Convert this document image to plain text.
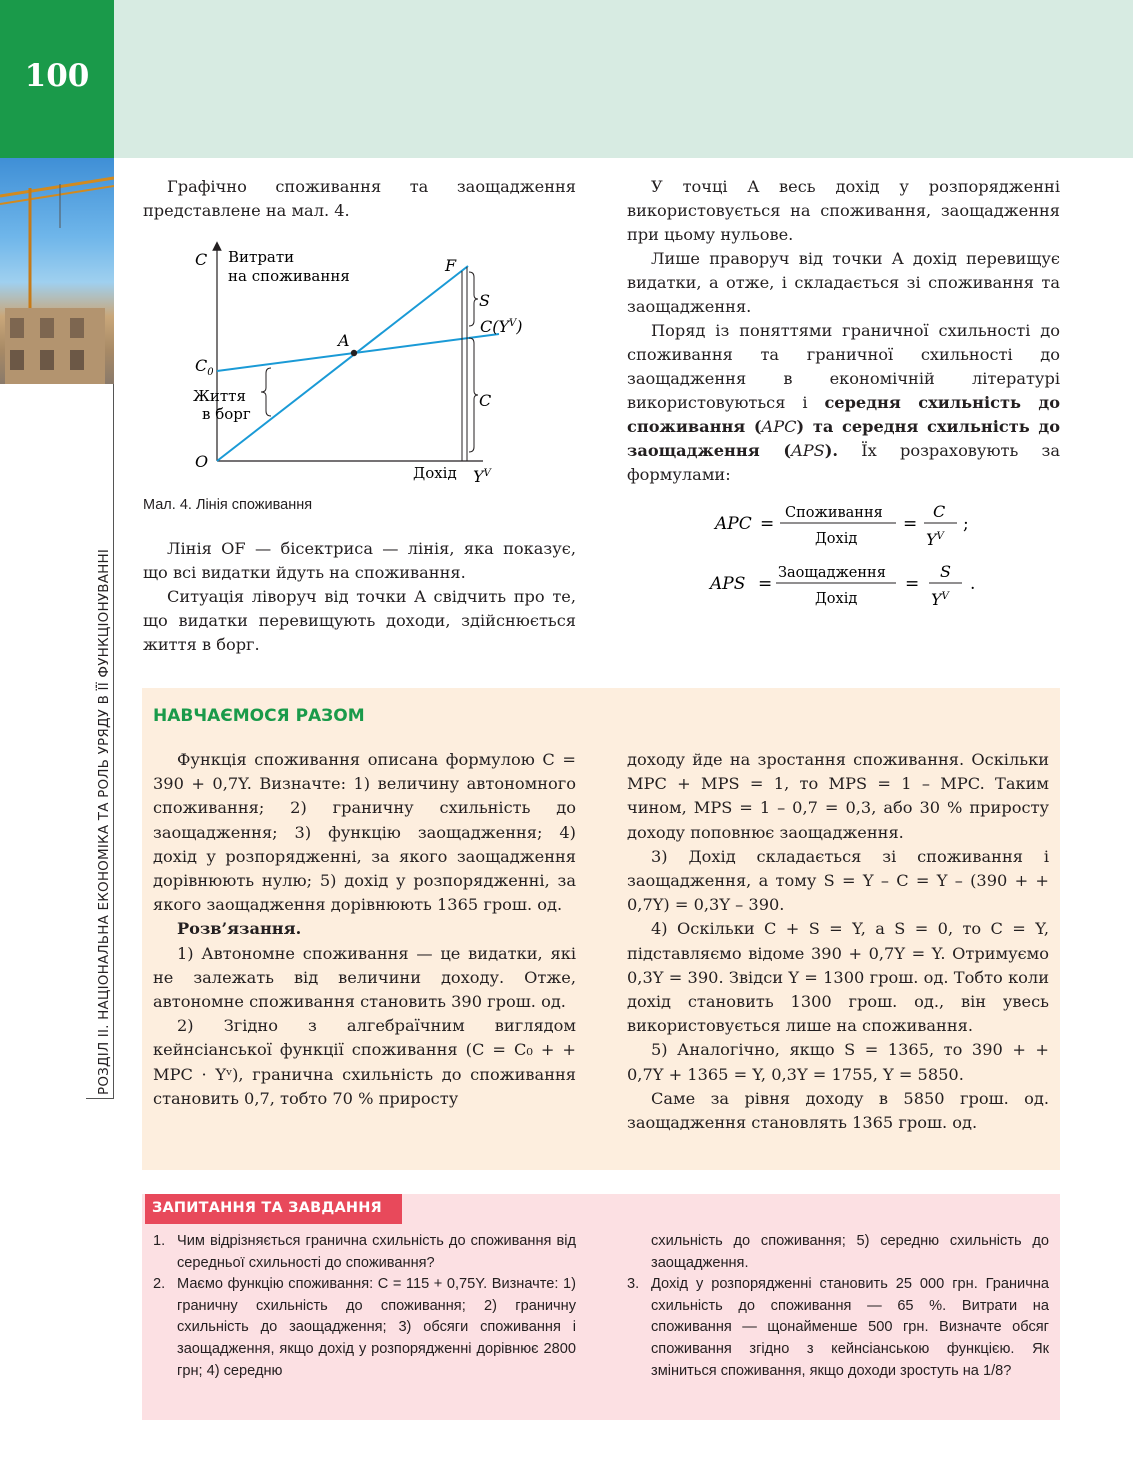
100
РОЗДІЛ ІІ. НАЦІОНАЛЬНА ЕКОНОМІКА ТА РОЛЬ УРЯДУ В ЇЇ ФУНКЦІОНУВАННІ

Графічно споживання та заощадження представлене на мал. 4.

C Витрати
на споживання
F
S
$C(Y^V)$
A
$C_0$
Життя
в борг
C
O
Дохід $Y^V$
Мал. 4. Лінія споживання

Лінія OF — бісектриса — лінія, яка показує, що всі видатки йдуть на споживання.

Ситуація ліворуч від точки A свідчить про те, що видатки перевищують доходи, здійснюється життя в борг.

У точці A весь дохід у розпорядженні використовується на споживання, заощадження при цьому нульове.

Лише праворуч від точки A дохід перевищує видатки, а отже, і складається зі споживання та заощадження.

Поряд із поняттями граничної схильності до споживання та граничної схильності до заощадження в економічній літературі використовуються і середня схильність до споживання (APC) та середня схильність до заощадження (APS). Їх розраховують за формулами:

APC =
Споживання
Дохід
=
C
$Y^V$
;
APS =
Заощадження
Дохід
=
S
$Y^V$
.
НАВЧАЄМОСЯ РАЗОМ

Функція споживання описана формулою C = 390 + 0,7Y. Визначте: 1) величину автономного споживання; 2) граничну схильність до заощадження; 3) функцію заощадження; 4) дохід у розпорядженні, за якого заощадження дорівнюють нулю; 5) дохід у розпорядженні, за якого заощадження дорівнюють 1365 грош. од.

Розв’язання.

1) Автономне споживання — це видатки, які не залежать від величини доходу. Отже, автономне споживання становить 390 грош. од.

2) Згідно з алгебраїчним виглядом кейнсіанської функції споживання (C = C₀ + + MPC · Yᵛ), гранична схильність до споживання становить 0,7, тобто 70 % приросту

доходу йде на зростання споживання. Оскільки MPC + MPS = 1, то MPS = 1 – MPC. Таким чином, MPS = 1 – 0,7 = 0,3, або 30 % приросту доходу поповнює заощадження.

3) Дохід складається зі споживання і заощадження, а тому S = Y – C = Y – (390 + + 0,7Y) = 0,3Y – 390.

4) Оскільки C + S = Y, а S = 0, то C = Y, підставляємо відоме 390 + 0,7Y = Y. Отримуємо 0,3Y = 390. Звідси Y = 1300 грош. од. Тобто коли дохід становить 1300 грош. од., він увесь використовується лише на споживання.

5) Аналогічно, якщо S = 1365, то 390 + + 0,7Y + 1365 = Y, 0,3Y = 1755, Y = 5850.

Саме за рівня доходу в 5850 грош. од. заощадження становлять 1365 грош. од.

ЗАПИТАННЯ ТА ЗАВДАННЯ
1. Чим відрізняється гранична схильність до споживання від середньої схильності до споживання?
2. Маємо функцію споживання: C = 115 + 0,75Y. Визначте: 1) граничну схильність до споживання; 2) граничну схильність до заощадження; 3) обсяги споживання і заощадження, якщо дохід у розпорядженні дорівнює 2800 грн; 4) середню
схильність до споживання; 5) середню схильність до заощадження.
3. Дохід у розпорядженні становить 25 000 грн. Гранична схильність до споживання — 65 %. Витрати на споживання — щонайменше 500 грн. Визначте обсяг споживання згідно з кейнсіанською функцією. Як зміниться споживання, якщо доходи зростуть на 1/8?
